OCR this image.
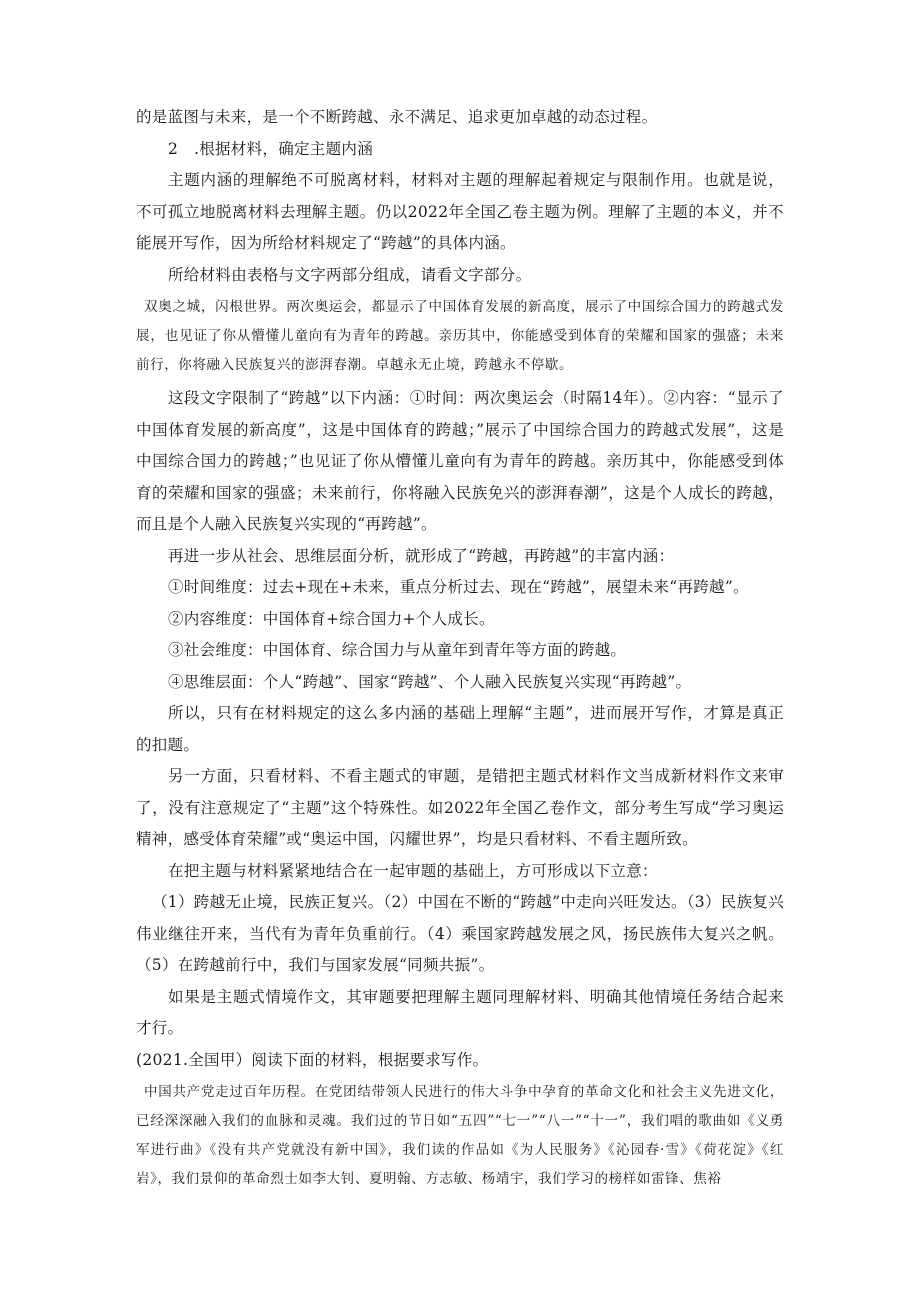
的是蓝图与未来，是一个不断跨越、永不满足、追求更加卓越的动态过程。

2　.根据材料，确定主题内涵

主题内涵的理解绝不可脱离材料，材料对主题的理解起着规定与限制作用。也就是说，不可孤立地脱离材料去理解主题。仍以2022年全国乙卷主题为例。理解了主题的本义，并不能展开写作，因为所给材料规定了“跨越”的具体内涵。

所给材料由表格与文字两部分组成，请看文字部分。

双奥之城，闪根世界。两次奥运会，都显示了中国体育发展的新高度，展示了中国综合国力的跨越式发展，也见证了你从懵懂儿童向有为青年的跨越。亲历其中，你能感受到体育的荣耀和国家的强盛；未来前行，你将融入民族复兴的澎湃春潮。卓越永无止境，跨越永不停歇。

这段文字限制了“跨越”以下内涵：①时间：两次奥运会（时隔14年）。②内容：“显示了中国体育发展的新高度”，这是中国体育的跨越；”展示了中国综合国力的跨越式发展”，这是中国综合国力的跨越；”也见证了你从懵懂儿童向有为青年的跨越。亲历其中，你能感受到体育的荣耀和国家的强盛；未来前行，你将融入民族免兴的澎湃春潮”，这是个人成长的跨越，而且是个人融入民族复兴实现的“再跨越”。

再进一步从社会、思维层面分析，就形成了“跨越，再跨越”的丰富内涵：

①时间维度：过去+现在+未来，重点分析过去、现在“跨越”，展望未来“再跨越”。

②内容维度：中国体育+综合国力+个人成长。

③社会维度：中国体育、综合国力与从童年到青年等方面的跨越。

④思维层面：个人“跨越”、国家“跨越”、个人融入民族复兴实现“再跨越”。

所以，只有在材料规定的这么多内涵的基础上理解“主题”，进而展开写作，才算是真正的扣题。

另一方面，只看材料、不看主题式的审题，是错把主题式材料作文当成新材料作文来审了，没有注意规定了“主题”这个特殊性。如2022年全国乙卷作文，部分考生写成“学习奥运精神，感受体育荣耀”或“奥运中国，闪耀世界”，均是只看材料、不看主题所致。

在把主题与材料紧紧地结合在一起审题的基础上，方可形成以下立意：

（1）跨越无止境，民族正复兴。（2）中国在不断的“跨越”中走向兴旺发达。（3）民族复兴伟业继往开来，当代有为青年负重前行。（4）乘国家跨越发展之风，扬民族伟大复兴之帆。（5）在跨越前行中，我们与国家发展“同频共振”。

如果是主题式情境作文，其审题要把理解主题同理解材料、明确其他情境任务结合起来才行。

(2021.全国甲）阅读下面的材料，根据要求写作。

中国共产党走过百年历程。在党团结带领人民进行的伟大斗争中孕育的革命文化和社会主义先进文化，已经深深融入我们的血脉和灵魂。我们过的节日如“五四”“七一”“八一”“十一”，我们唱的歌曲如《义勇军进行曲》《没有共产党就没有新中国》，我们读的作品如《为人民服务》《沁园春·雪》《荷花淀》《红岩》，我们景仰的革命烈士如李大钊、夏明翰、方志敏、杨靖宇，我们学习的榜样如雷锋、焦裕
